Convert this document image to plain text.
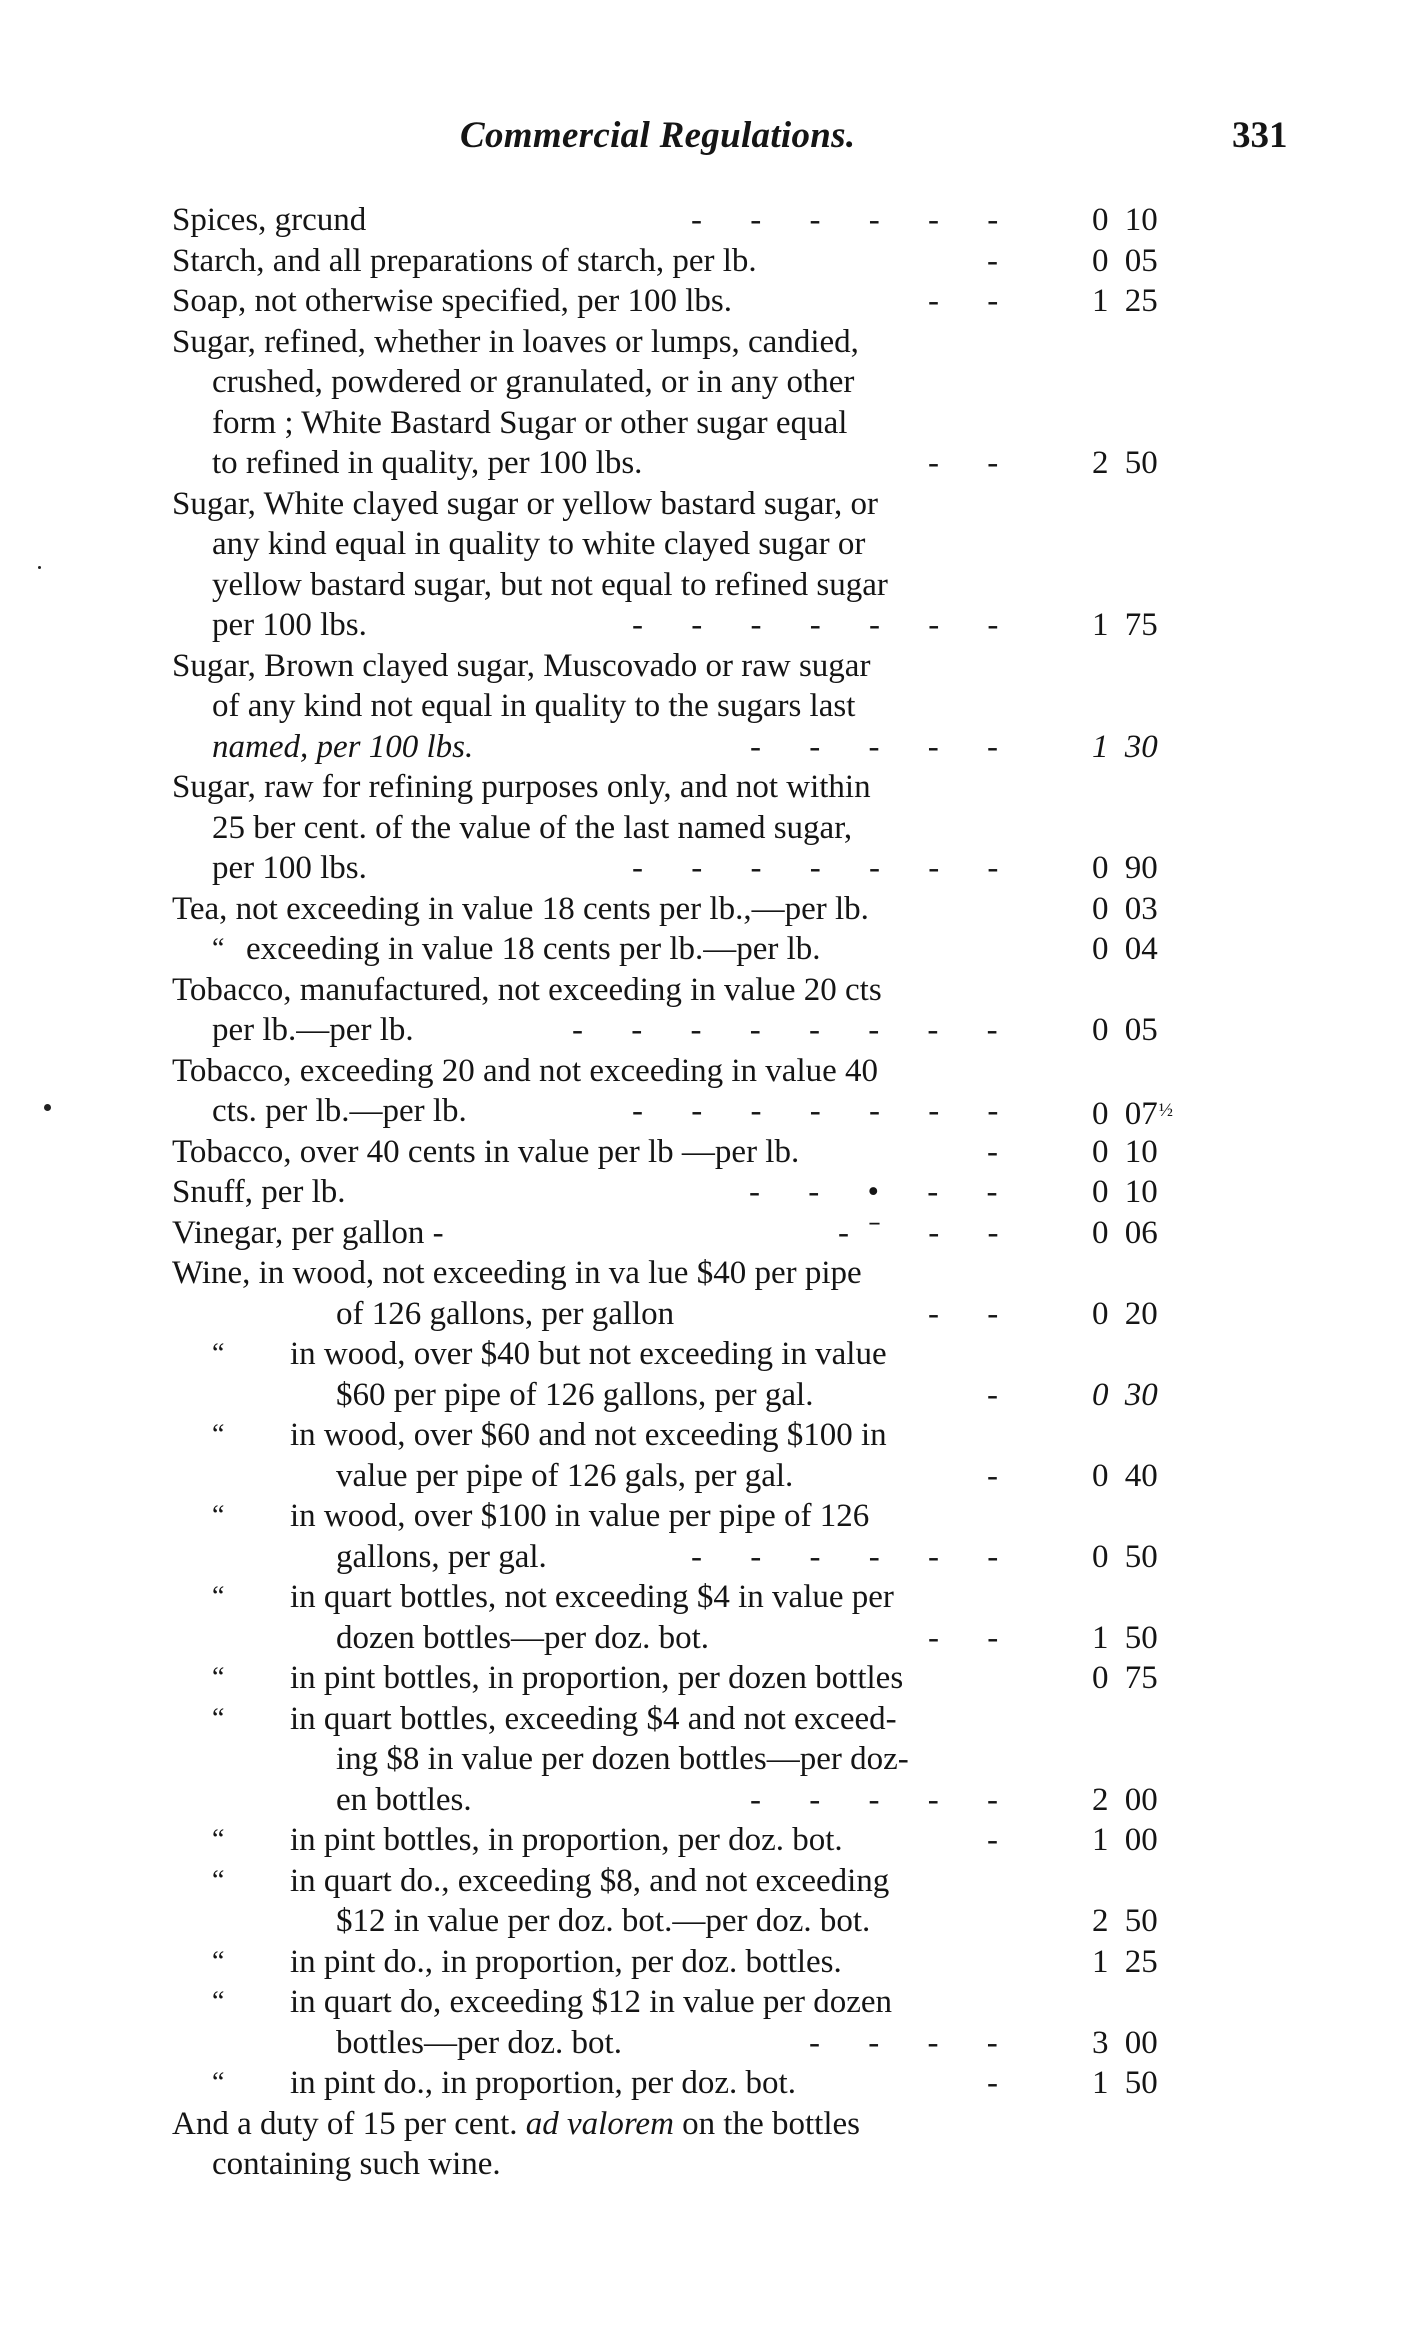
Commercial Regulations.	331
Spices, grcund	- - - - - - 0 10
Starch, and all preparations of starch, per lb.	- 0 05
Soap, not otherwise specified, per 100 lbs.	- - 1 25
Sugar, refined, whether in loaves or lumps, candied,
crushed, powdered or granulated, or in any other
form ; White Bastard Sugar or other sugar equal
to refined in quality, per 100 lbs.	- - 2 50
Sugar, White clayed sugar or yellow bastard sugar, or
any kind equal in quality to white clayed sugar or
yellow bastard sugar, but not equal to refined sugar
per 100 lbs.	- - - - - - - 1 75
Sugar, Brown clayed sugar, Muscovado or raw sugar
of any kind not equal in quality to the sugars last
named, per 100 lbs.	- - - - - 1 30
Sugar, raw for refining purposes only, and not within
25 ber cent. of the value of the last named sugar,
per 100 lbs.	- - - - - - - 0 90
Tea, not exceeding in value 18 cents per lb.,—per lb.	0 03
“ exceeding in value 18 cents per lb.—per lb.	0 04
Tobacco, manufactured, not exceeding in value 20 cts
per lb.—per lb.	- - - - - - - - 0 05
Tobacco, exceeding 20 and not exceeding in value 40
cts. per lb.—per lb.	- - - - - - - 0 $07^{\frac{1}{2}}$
Tobacco, over 40 cents in value per lb —per lb.	- 0 10
Snuff, per lb.	- - • - - 0 10
Vinegar, per gallon -	-ˉ - - 0 06
Wine, in wood, not exceeding in va lue $40 per pipe
of 126 gallons, per gallon	- - 0 20
“ in wood, over $40 but not exceeding in value
$60 per pipe of 126 gallons, per gal.	- 0 30
“ in wood, over $60 and not exceeding $100 in
value per pipe of 126 gals, per gal.	- 0 40
“ in wood, over $100 in value per pipe of 126
gallons, per gal.	- - - - - - 0 50
“ in quart bottles, not exceeding $4 in value per
dozen bottles—per doz. bot.	- - 1 50
“ in pint bottles, in proportion, per dozen bottles	0 75
“ in quart bottles, exceeding $4 and not exceed-
ing $8 in value per dozen bottles—per doz-
en bottles.	- - - - - 2 00
“ in pint bottles, in proportion, per doz. bot.	- 1 00
“ in quart do., exceeding $8, and not exceeding
$12 in value per doz. bot.—per doz. bot.	2 50
“ in pint do., in proportion, per doz. bottles.	1 25
“ in quart do, exceeding $12 in value per dozen
bottles—per doz. bot.	- - - - 3 00
“ in pint do., in proportion, per doz. bot.	- 1 50
And a duty of 15 per cent. ad valorem on the bottles
containing such wine.
